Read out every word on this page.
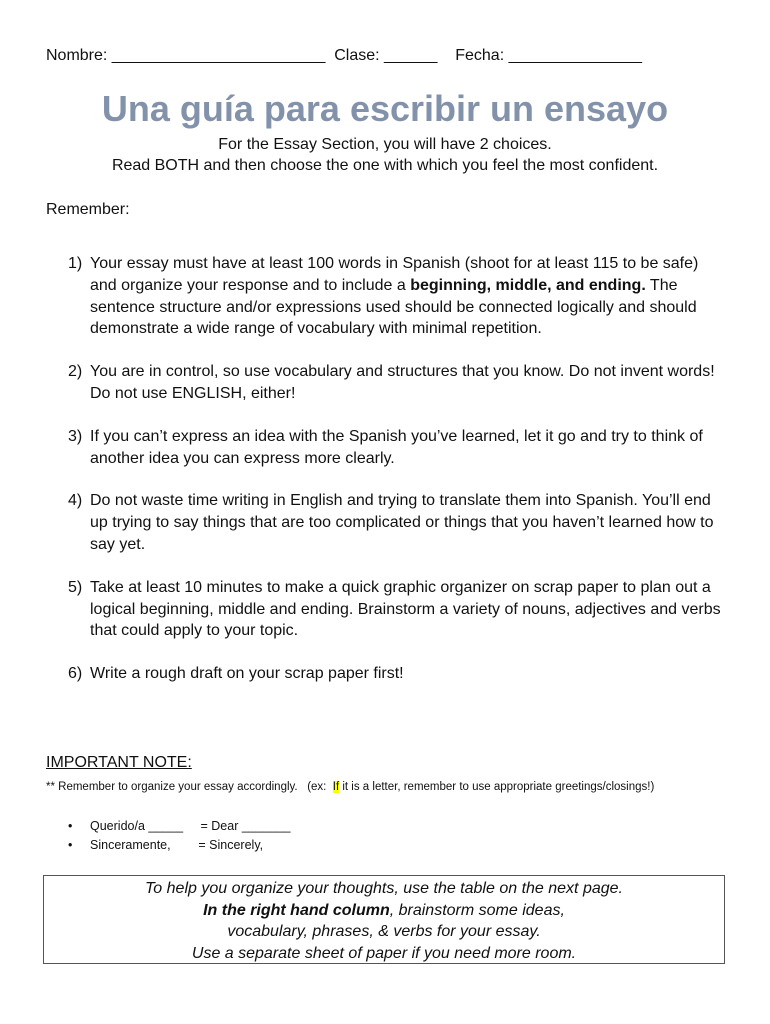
Nombre: ________________________ Clase: ______ Fecha: _______________
Una guía para escribir un ensayo
For the Essay Section, you will have 2 choices.
Read BOTH and then choose the one with which you feel the most confident.
Remember:
1) Your essay must have at least 100 words in Spanish (shoot for at least 115 to be safe) and organize your response and to include a beginning, middle, and ending. The sentence structure and/or expressions used should be connected logically and should demonstrate a wide range of vocabulary with minimal repetition.
2) You are in control, so use vocabulary and structures that you know. Do not invent words! Do not use ENGLISH, either!
3) If you can’t express an idea with the Spanish you’ve learned, let it go and try to think of another idea you can express more clearly.
4) Do not waste time writing in English and trying to translate them into Spanish. You’ll end up trying to say things that are too complicated or things that you haven’t learned how to say yet.
5) Take at least 10 minutes to make a quick graphic organizer on scrap paper to plan out a logical beginning, middle and ending. Brainstorm a variety of nouns, adjectives and verbs that could apply to your topic.
6) Write a rough draft on your scrap paper first!
IMPORTANT NOTE:
** Remember to organize your essay accordingly.   (ex:  If it is a letter, remember to use appropriate greetings/closings!)
• Querido/a _____     = Dear _______
• Sinceramente,        = Sincerely,
To help you organize your thoughts, use the table on the next page.
In the right hand column, brainstorm some ideas,
vocabulary, phrases, & verbs for your essay.
Use a separate sheet of paper if you need more room.
